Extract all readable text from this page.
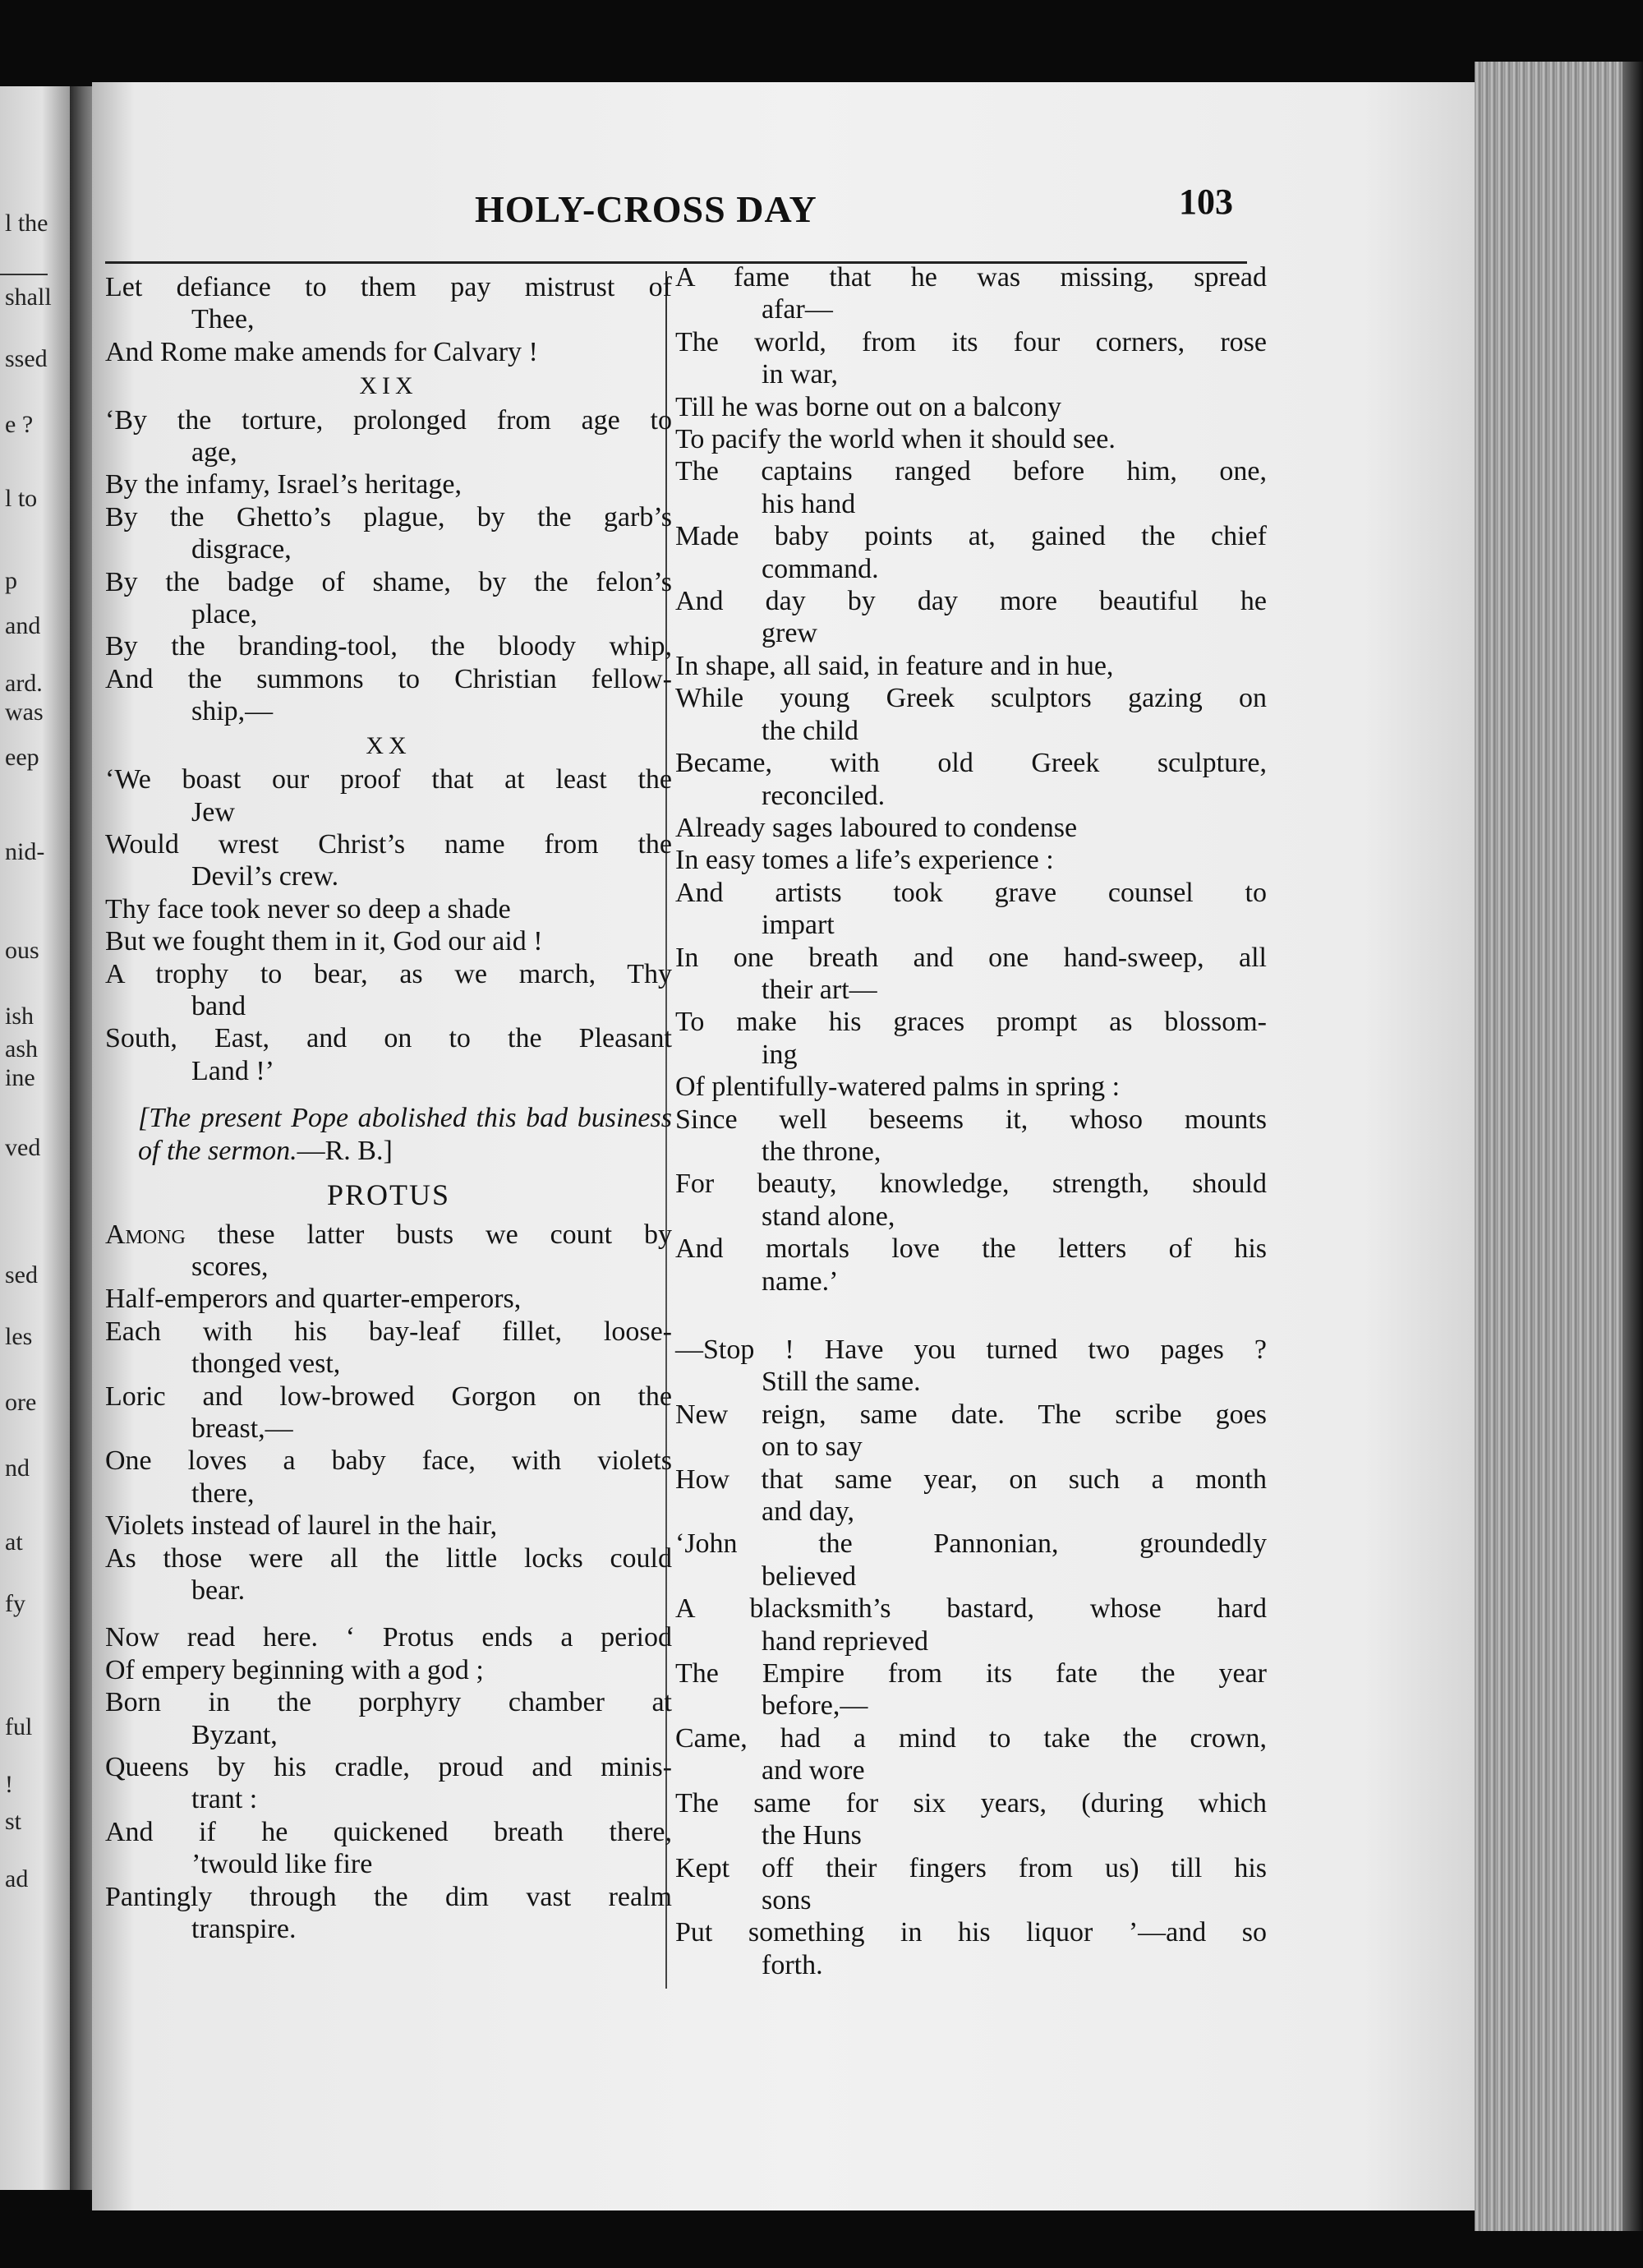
l the
shall
ssed
e ?
l to
p
and
ard.
was
eep
nid-
ous
ish
ash
ine
ved
sed
les
ore
nd
at
fy
ful
!
st
ad
HOLY-CROSS DAY	103

Let defiance to them pay mistrust of

Thee,

And Rome make amends for Calvary !

XIX

‘By the torture, prolonged from age to

age,

By the infamy, Israel’s heritage,

By the Ghetto’s plague, by the garb’s

disgrace,

By the badge of shame, by the felon’s

place,

By the branding-tool, the bloody whip,

And the summons to Christian fellow-

ship,—

XX

‘We boast our proof that at least the

Jew

Would wrest Christ’s name from the

Devil’s crew.

Thy face took never so deep a shade

But we fought them in it, God our aid !

A trophy to bear, as we march, Thy

band

South, East, and on to the Pleasant

Land !’

[The present Pope abolished this bad business of the sermon.—R. B.]

PROTUS

Among these latter busts we count by

scores,

Half-emperors and quarter-emperors,

Each with his bay-leaf fillet, loose-

thonged vest,

Loric and low-browed Gorgon on the

breast,—

One loves a baby face, with violets

there,

Violets instead of laurel in the hair,

As those were all the little locks could

bear.

Now read here. ‘ Protus ends a period

Of empery beginning with a god ;

Born in the porphyry chamber at

Byzant,

Queens by his cradle, proud and minis-

trant :

And if he quickened breath there,

’twould like fire

Pantingly through the dim vast realm

transpire.

A fame that he was missing, spread

afar—

The world, from its four corners, rose

in war,

Till he was borne out on a balcony

To pacify the world when it should see.

The captains ranged before him, one,

his hand

Made baby points at, gained the chief

command.

And day by day more beautiful he

grew

In shape, all said, in feature and in hue,

While young Greek sculptors gazing on

the child

Became, with old Greek sculpture,

reconciled.

Already sages laboured to condense

In easy tomes a life’s experience :

And artists took grave counsel to

impart

In one breath and one hand-sweep, all

their art—

To make his graces prompt as blossom-

ing

Of plentifully-watered palms in spring :

Since well beseems it, whoso mounts

the throne,

For beauty, knowledge, strength, should

stand alone,

And mortals love the letters of his

name.’

—Stop ! Have you turned two pages ?

Still the same.

New reign, same date. The scribe goes

on to say

How that same year, on such a month

and day,

‘John the Pannonian, groundedly

believed

A blacksmith’s bastard, whose hard

hand reprieved

The Empire from its fate the year

before,—

Came, had a mind to take the crown,

and wore

The same for six years, (during which

the Huns

Kept off their fingers from us) till his

sons

Put something in his liquor ’—and so

forth.
